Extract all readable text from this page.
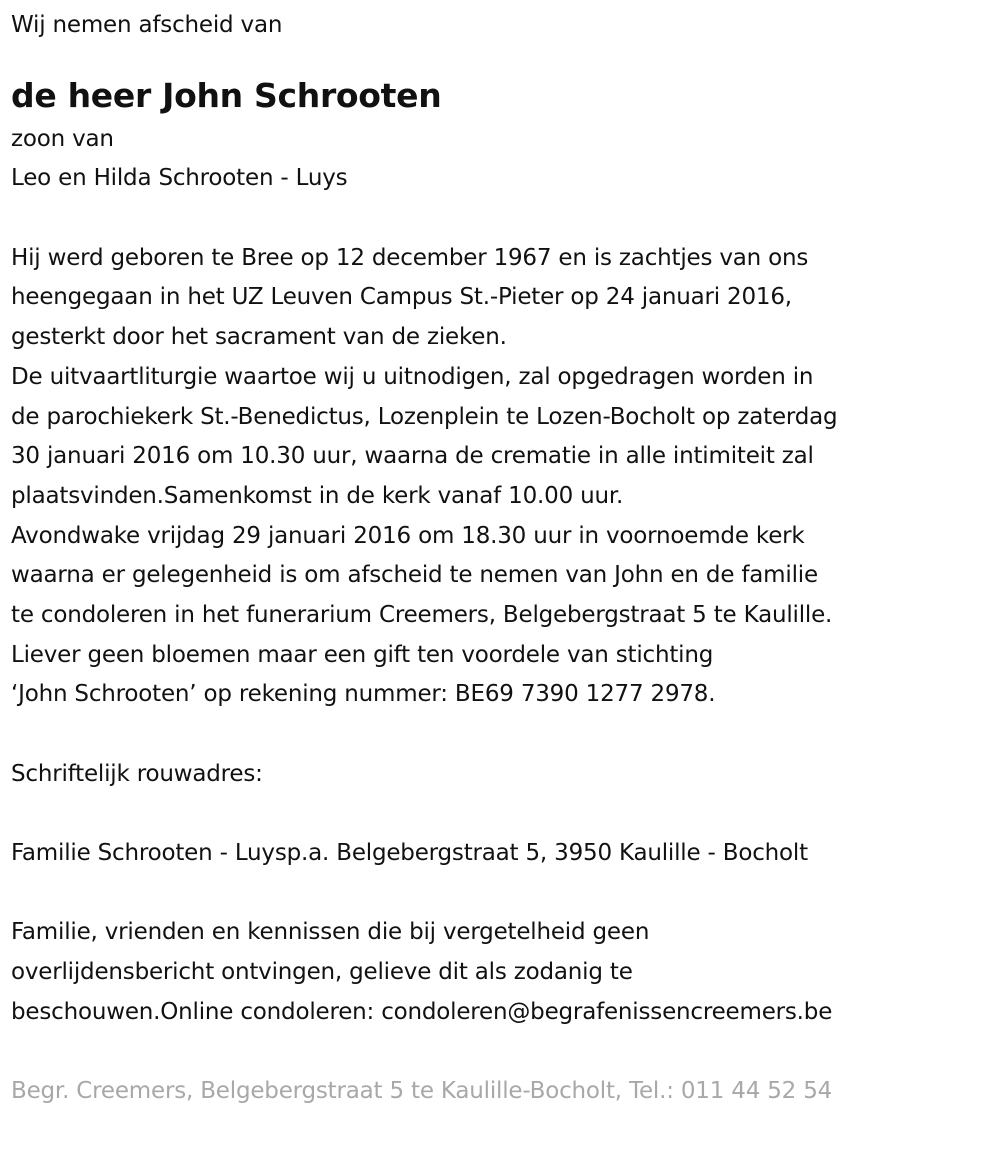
Wij nemen afscheid van
de heer John Schrooten
zoon van
Leo en Hilda Schrooten - Luys
Hij werd geboren te Bree op 12 december 1967 en is zachtjes van ons
heengegaan in het UZ Leuven Campus St.-Pieter op 24 januari 2016,
gesterkt door het sacrament van de zieken.
De uitvaartliturgie waartoe wij u uitnodigen, zal opgedragen worden in
de parochiekerk St.-Benedictus, Lozenplein te Lozen-Bocholt op zaterdag
30 januari 2016 om 10.30 uur, waarna de crematie in alle intimiteit zal
plaatsvinden.Samenkomst in de kerk vanaf 10.00 uur.
Avondwake vrijdag 29 januari 2016 om 18.30 uur in voornoemde kerk
waarna er gelegenheid is om afscheid te nemen van John en de familie
te condoleren in het funerarium Creemers, Belgebergstraat 5 te Kaulille.
Liever geen bloemen maar een gift ten voordele van stichting
‘John Schrooten’ op rekening nummer: BE69 7390 1277 2978.
Schriftelijk rouwadres:
Familie Schrooten - Luysp.a. Belgebergstraat 5, 3950 Kaulille - Bocholt
Familie, vrienden en kennissen die bij vergetelheid geen
overlijdensbericht ontvingen, gelieve dit als zodanig te
beschouwen.Online condoleren: condoleren@begrafenissencreemers.be
Begr. Creemers, Belgebergstraat 5 te Kaulille-Bocholt, Tel.: 011 44 52 54
